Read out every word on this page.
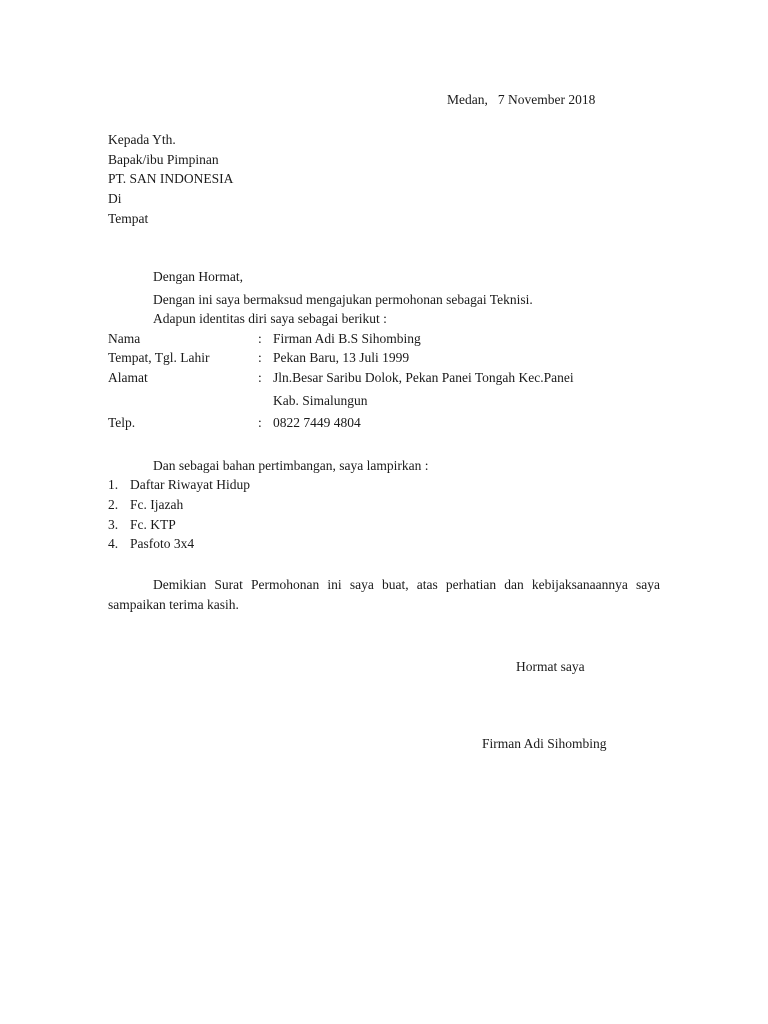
Medan, 7 November 2018
Kepada Yth.
Bapak/ibu Pimpinan
PT. SAN INDONESIA
Di
Tempat
Dengan Hormat,
Dengan ini saya bermaksud mengajukan permohonan sebagai Teknisi.
Adapun identitas diri saya sebagai berikut :
Nama	: Firman Adi B.S Sihombing
Tempat, Tgl. Lahir	: Pekan Baru, 13 Juli 1999
Alamat	: Jln.Besar Saribu Dolok, Pekan Panei Tongah Kec.Panei
Kab. Simalungun
Telp.	: 0822 7449 4804
Dan sebagai bahan pertimbangan, saya lampirkan :
1. Daftar Riwayat Hidup
2. Fc. Ijazah
3. Fc. KTP
4. Pasfoto 3x4
Demikian Surat Permohonan ini saya buat, atas perhatian dan kebijaksanaannya saya sampaikan terima kasih.
Hormat saya
Firman Adi Sihombing
